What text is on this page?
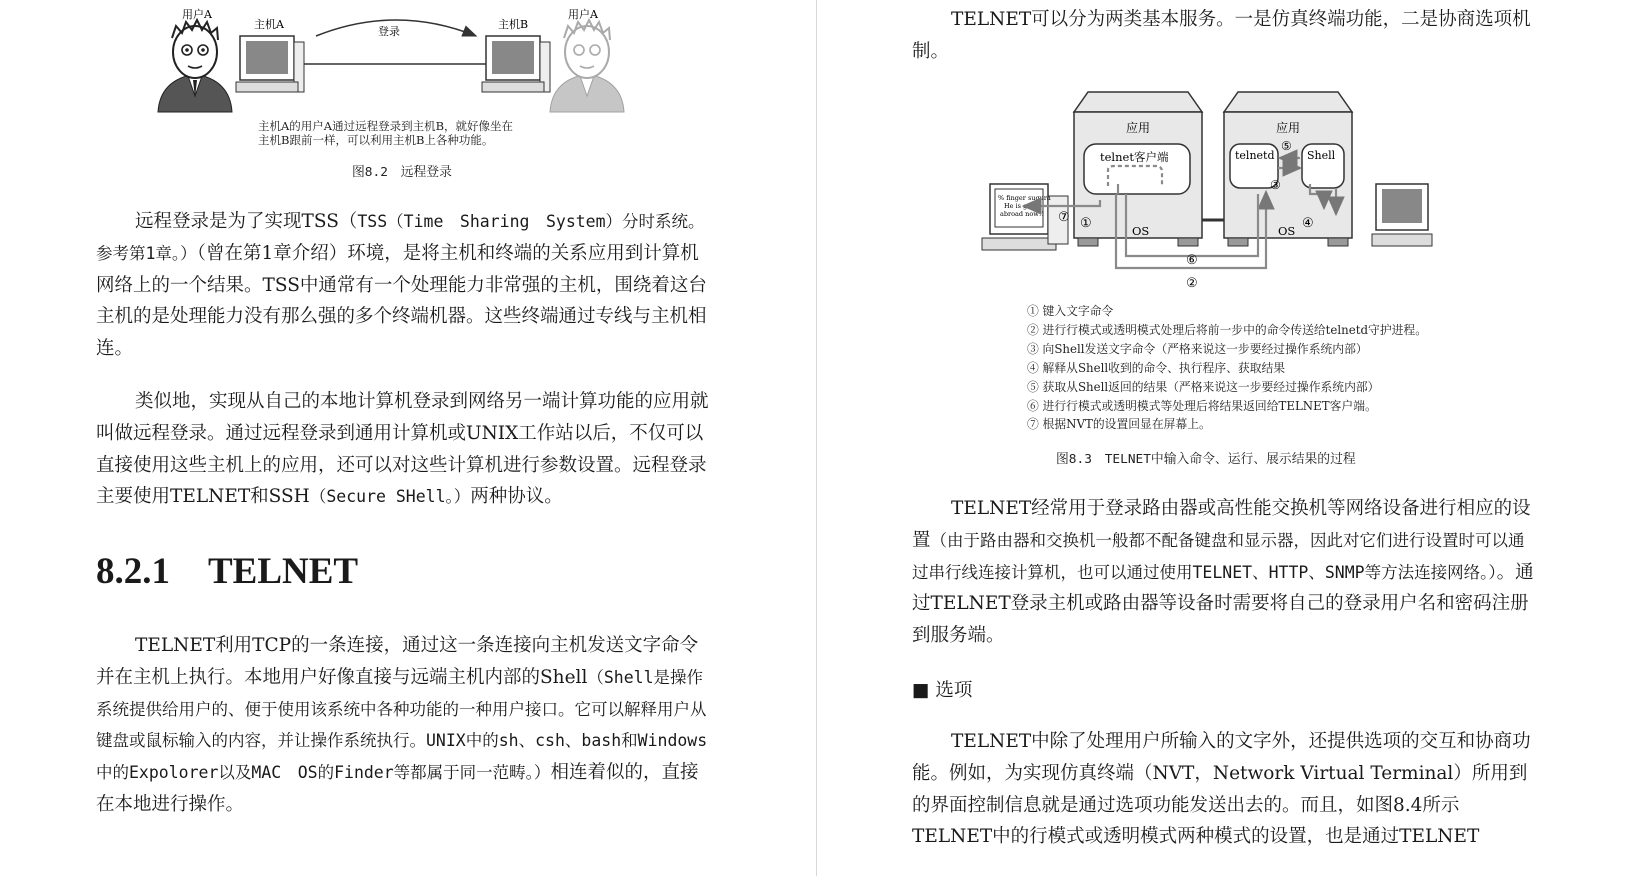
用户A
主机A
登录
主机B
用户A

主机A的用户A通过远程登录到主机B，就好像坐在
主机B跟前一样，可以利用主机B上各种功能。

图8.2　远程登录

远程登录是为了实现TSS（TSS（Time　Sharing　System）分时系统。参考第1章。）（曾在第1章介绍）环境，是将主机和终端的关系应用到计算机网络上的一个结果。TSS中通常有一个处理能力非常强的主机，围绕着这台主机的是处理能力没有那么强的多个终端机器。这些终端通过专线与主机相连。

类似地，实现从自己的本地计算机登录到网络另一端计算功能的应用就叫做远程登录。通过远程登录到通用计算机或UNIX工作站以后，不仅可以直接使用这些主机上的应用，还可以对这些计算机进行参数设置。远程登录主要使用TELNET和SSH（Secure SHell。）两种协议。

8.2.1 TELNET

TELNET利用TCP的一条连接，通过这一条连接向主机发送文字命令并在主机上执行。本地用户好像直接与远端主机内部的Shell（Shell是操作系统提供给用户的、便于使用该系统中各种功能的一种用户接口。它可以解释用户从键盘或鼠标输入的内容，并让操作系统执行。UNIX中的sh、csh、bash和Windows中的Expolorer以及MAC　OS的Finder等都属于同一范畴。）相连着似的，直接在本地进行操作。

TELNET可以分为两类基本服务。一是仿真终端功能，二是协商选项机制。

% finger sugura
He is going
abroad now!!
应用
telnet客户端
OS
应用
telnetd	Shell
OS
⑦ ①
②
③
④
⑤
⑥
① 键入文字命令
② 进行行模式或透明模式处理后将前一步中的命令传送给telnetd守护进程。
③ 向Shell发送文字命令（严格来说这一步要经过操作系统内部）
④ 解释从Shell收到的命令、执行程序、获取结果
⑤ 获取从Shell返回的结果（严格来说这一步要经过操作系统内部）
⑥ 进行行模式或透明模式等处理后将结果返回给TELNET客户端。
⑦ 根据NVT的设置回显在屏幕上。
图8.3　TELNET中输入命令、运行、展示结果的过程

TELNET经常用于登录路由器或高性能交换机等网络设备进行相应的设置（由于路由器和交换机一般都不配备键盘和显示器，因此对它们进行设置时可以通过串行线连接计算机，也可以通过使用TELNET、HTTP、SNMP等方法连接网络。）。通过TELNET登录主机或路由器等设备时需要将自己的登录用户名和密码注册到服务端。

■ 选项

TELNET中除了处理用户所输入的文字外，还提供选项的交互和协商功能。例如，为实现仿真终端（NVT，Network Virtual Terminal）所用到的界面控制信息就是通过选项功能发送出去的。而且，如图8.4所示TELNET中的行模式或透明模式两种模式的设置，也是通过TELNET
